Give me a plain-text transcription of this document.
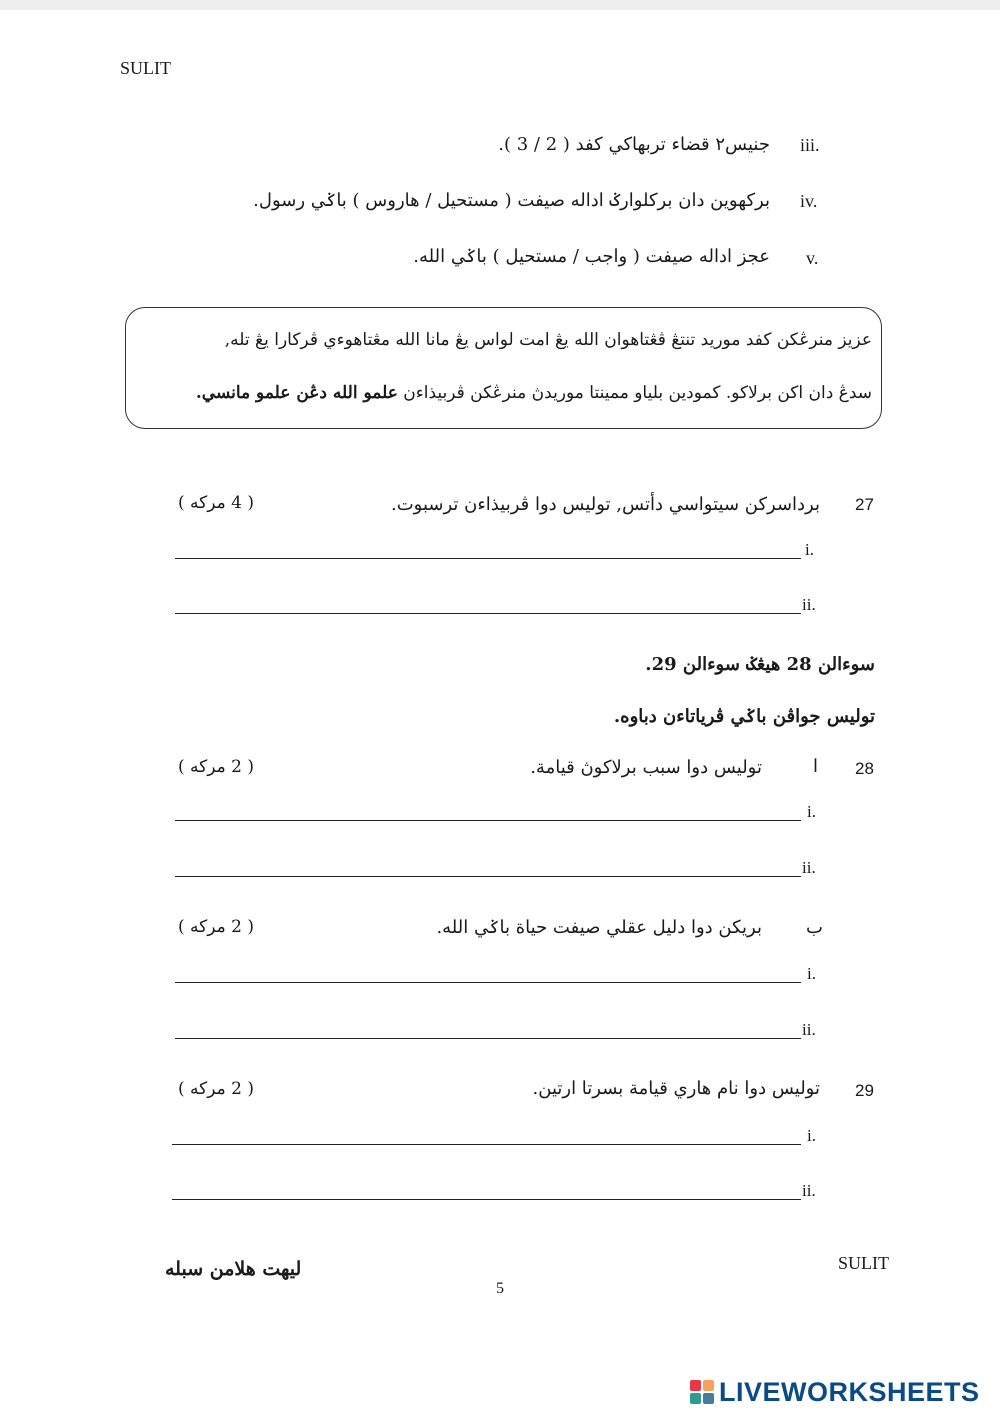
SULIT
iii.
جنيس٢ قضاء تربهاكي كفد ( 2 / 3 ).
iv.
بركهوين دان بركلوارݢ اداله صيفت ( مستحيل / هاروس ) باݢي رسول.
v.
عجز اداله صيفت ( واجب / مستحيل ) باݢي الله.
عزيز منرڠكن كفد موريد تنتڠ ڤڠتاهوان الله يڠ امت لواس يڠ مانا الله مڠتاهوءي ڤركارا يڠ تله,
سدڠ دان اكن برلاكو. كمودين بلياو ممينتا موريدڽ منرڠكن ڤربيذاءن علمو الله دڠن علمو مانسي.
27
برداسركن سيتواسي دأتس, توليس دوا ڤربيذاءن ترسبوت.
( 4 مركه )
i.
ii.
سوءالن 28 هيڠݢ سوءالن 29.
توليس جواڤن باݢي ڤرياتاءن دباوه.
28
ا
توليس دوا سبب برلاكوڽ قيامة.
( 2 مركه )
i.
ii.
ب
بريكن دوا دليل عقلي صيفت حياة باݢي الله.
( 2 مركه )
i.
ii.
29
توليس دوا نام هاري قيامة بسرتا ارتين.
( 2 مركه )
i.
ii.
ليهت هلامن سبله	SULIT
5
LIVEWORKSHEETS
